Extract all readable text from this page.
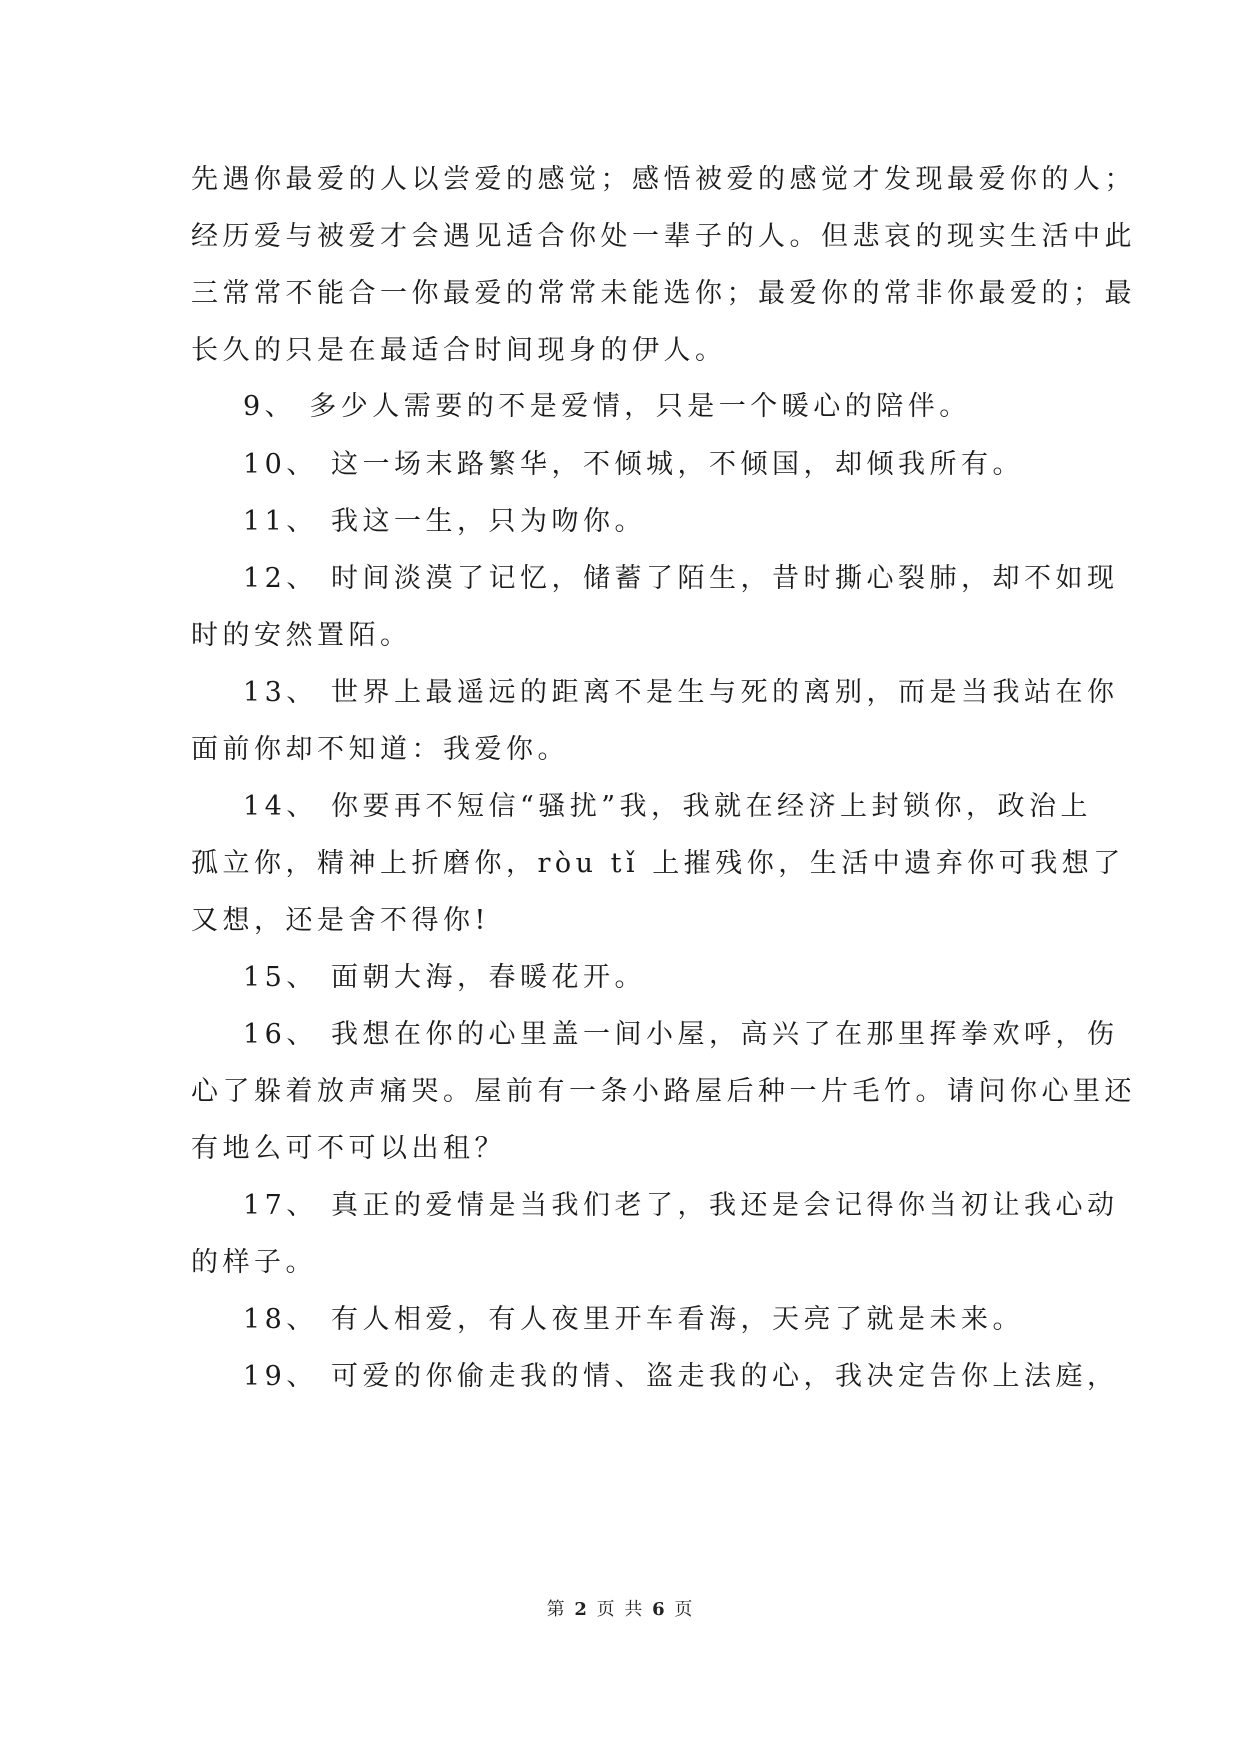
先遇你最爱的人以尝爱的感觉；感悟被爱的感觉才发现最爱你的人；
经历爱与被爱才会遇见适合你处一辈子的人。但悲哀的现实生活中此
三常常不能合一你最爱的常常未能选你；最爱你的常非你最爱的；最
长久的只是在最适合时间现身的伊人。
9、 多少人需要的不是爱情，只是一个暖心的陪伴。
10、 这一场末路繁华，不倾城，不倾国，却倾我所有。
11、 我这一生，只为吻你。
12、 时间淡漠了记忆，储蓄了陌生，昔时撕心裂肺，却不如现
时的安然置陌。
13、 世界上最遥远的距离不是生与死的离别，而是当我站在你
面前你却不知道：我爱你。
14、 你要再不短信“骚扰”我，我就在经济上封锁你，政治上
孤立你，精神上折磨你，ròu tǐ 上摧残你，生活中遗弃你可我想了
又想，还是舍不得你!
15、 面朝大海，春暖花开。
16、 我想在你的心里盖一间小屋，高兴了在那里挥拳欢呼，伤
心了躲着放声痛哭。屋前有一条小路屋后种一片毛竹。请问你心里还
有地么可不可以出租？
17、 真正的爱情是当我们老了，我还是会记得你当初让我心动
的样子。
18、 有人相爱，有人夜里开车看海，天亮了就是未来。
19、 可爱的你偷走我的情、盗走我的心，我决定告你上法庭，
第 2 页 共 6 页
